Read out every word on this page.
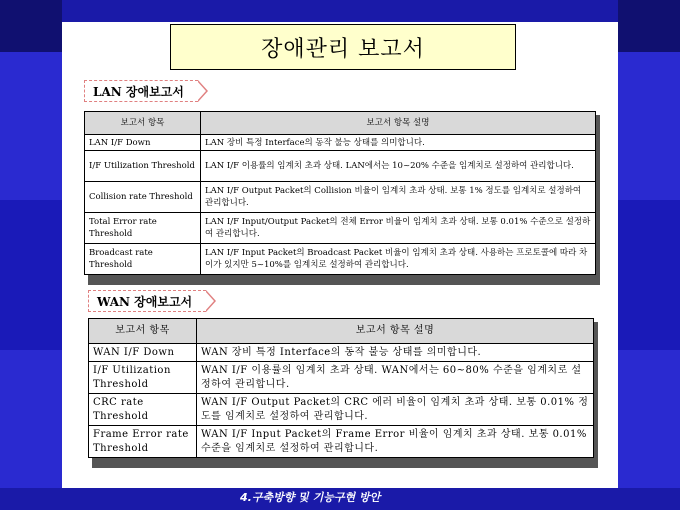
장애관리 보고서
LAN 장애보고서
보고서 항목	보고서 항목 설명
LAN I/F Down	LAN 장비 특정 Interface의 동작 불능 상태를 의미합니다.
I/F Utilization Threshold	LAN I/F 이용률의 임계치 초과 상태. LAN에서는 10~20% 수준을 임계치로 설정하여 관리합니다.
Collision rate Threshold	LAN I/F Output Packet의 Collision 비율이 임계치 초과 상태. 보통 1% 정도를 임계치로 설정하여 관리합니다.
Total Error rate Threshold	LAN I/F Input/Output Packet의 전체 Error 비율이 임계치 초과 상태. 보통 0.01% 수준으로 설정하여 관리합니다.
Broadcast rate Threshold	LAN I/F Input Packet의 Broadcast Packet 비율이 임계치 초과 상태. 사용하는 프로토콜에 따라 차이가 있지만 5~10%를 임계치로 설정하여 관리합니다.
WAN 장애보고서
보고서 항목	보고서 항목 설명
WAN I/F Down	WAN 장비 특정 Interface의 동작 불능 상태를 의미합니다.
I/F Utilization Threshold	WAN I/F 이용률의 임계치 초과 상태. WAN에서는 60~80% 수준을 임계치로 설정하여 관리합니다.
CRC rate Threshold	WAN I/F Output Packet의 CRC 에러 비율이 임계치 초과 상태. 보통 0.01% 정도를 임계치로 설정하여 관리합니다.
Frame Error rate Threshold	WAN I/F Input Packet의 Frame Error 비율이 임계치 초과 상태. 보통 0.01% 수준을 임계치로 설정하여 관리합니다.
4.구축방향 및 기능구현 방안
